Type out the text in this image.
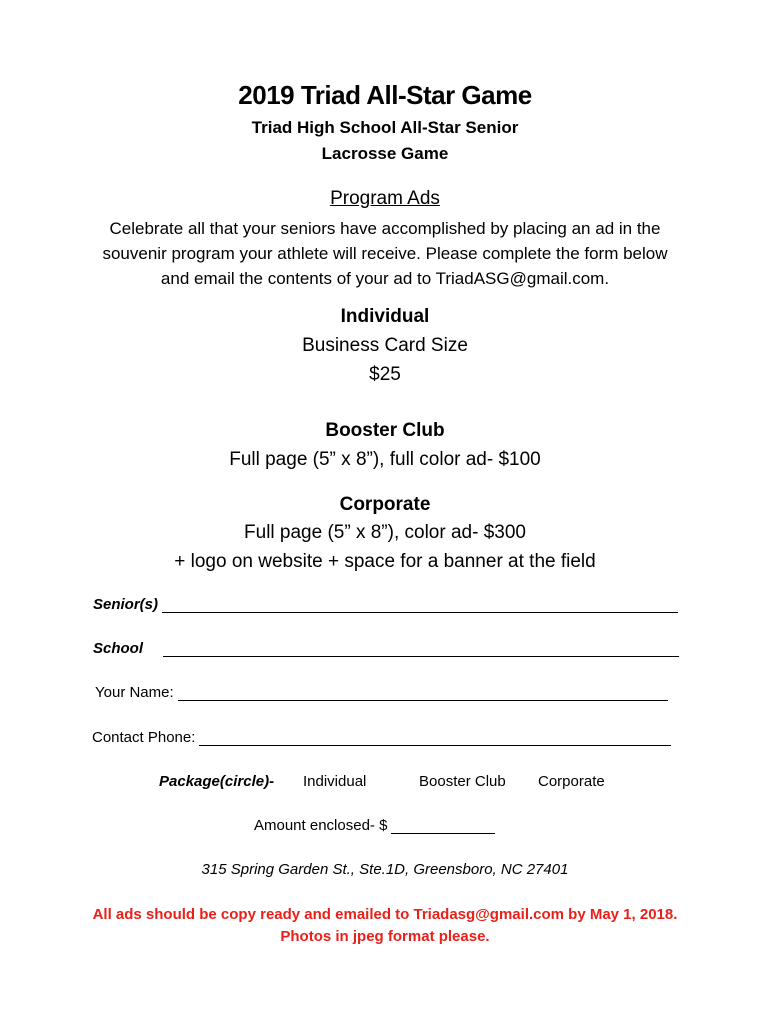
2019 Triad All-Star Game
Triad High School All-Star Senior
Lacrosse Game
Program Ads
Celebrate all that your seniors have accomplished by placing an ad in the
souvenir program your athlete will receive. Please complete the form below
and email the contents of your ad to TriadASG@gmail.com.
Individual
Business Card Size
$25
Booster Club
Full page (5” x 8”), full color ad- $100
Corporate
Full page (5” x 8”), color ad- $300
+ logo on website + space for a banner at the field
Senior(s)
School
Your Name:
Contact Phone:
Package(circle)- Individual	Booster Club Corporate
Amount enclosed- $
315 Spring Garden St., Ste.1D, Greensboro, NC 27401
All ads should be copy ready and emailed to Triadasg@gmail.com by May 1, 2018.
Photos in jpeg format please.
